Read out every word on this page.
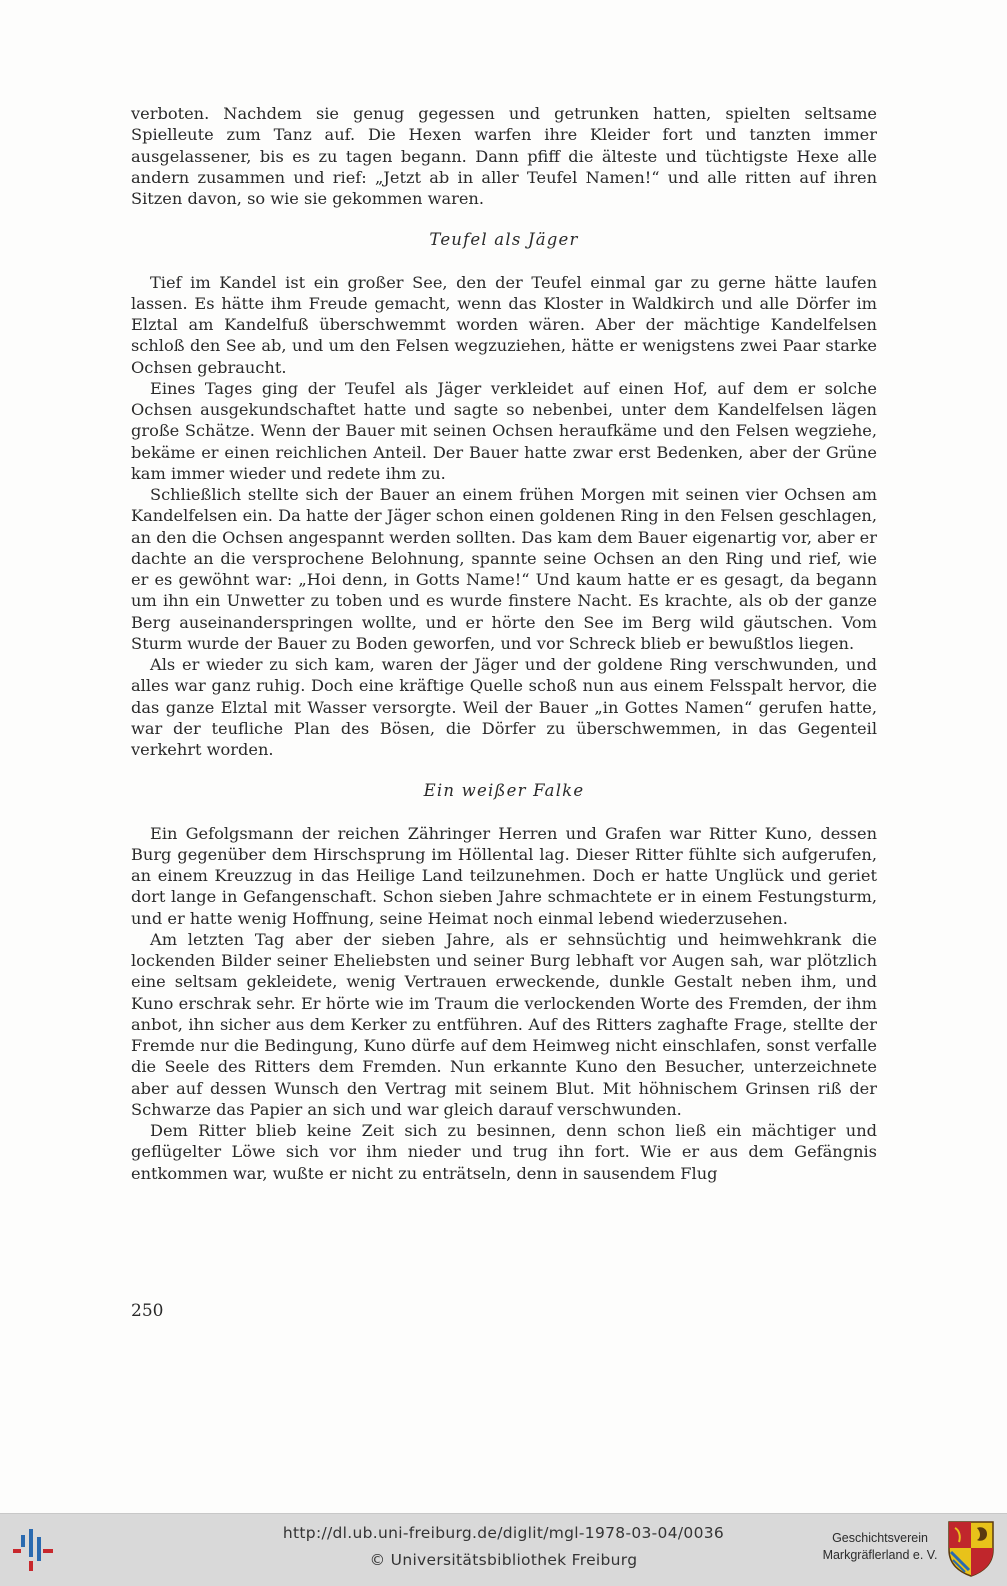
verboten. Nachdem sie genug gegessen und getrunken hatten, spielten seltsame Spielleute zum Tanz auf. Die Hexen warfen ihre Kleider fort und tanzten immer ausgelassener, bis es zu tagen begann. Dann pfiff die älteste und tüchtigste Hexe alle andern zusammen und rief: „Jetzt ab in aller Teufel Namen!“ und alle ritten auf ihren Sitzen davon, so wie sie gekommen waren.

Teufel als Jäger

Tief im Kandel ist ein großer See, den der Teufel einmal gar zu gerne hätte laufen lassen. Es hätte ihm Freude gemacht, wenn das Kloster in Waldkirch und alle Dörfer im Elztal am Kandelfuß überschwemmt worden wären. Aber der mächtige Kandelfelsen schloß den See ab, und um den Felsen wegzuziehen, hätte er wenigstens zwei Paar starke Ochsen gebraucht.

Eines Tages ging der Teufel als Jäger verkleidet auf einen Hof, auf dem er solche Ochsen ausgekundschaftet hatte und sagte so nebenbei, unter dem Kandelfelsen lägen große Schätze. Wenn der Bauer mit seinen Ochsen heraufkäme und den Felsen wegziehe, bekäme er einen reichlichen Anteil. Der Bauer hatte zwar erst Bedenken, aber der Grüne kam immer wieder und redete ihm zu.

Schließlich stellte sich der Bauer an einem frühen Morgen mit seinen vier Ochsen am Kandelfelsen ein. Da hatte der Jäger schon einen goldenen Ring in den Felsen geschlagen, an den die Ochsen angespannt werden sollten. Das kam dem Bauer eigenartig vor, aber er dachte an die versprochene Belohnung, spannte seine Ochsen an den Ring und rief, wie er es gewöhnt war: „Hoi denn, in Gotts Name!“ Und kaum hatte er es gesagt, da begann um ihn ein Unwetter zu toben und es wurde finstere Nacht. Es krachte, als ob der ganze Berg auseinanderspringen wollte, und er hörte den See im Berg wild gäutschen. Vom Sturm wurde der Bauer zu Boden geworfen, und vor Schreck blieb er bewußtlos liegen.

Als er wieder zu sich kam, waren der Jäger und der goldene Ring verschwunden, und alles war ganz ruhig. Doch eine kräftige Quelle schoß nun aus einem Felsspalt hervor, die das ganze Elztal mit Wasser versorgte. Weil der Bauer „in Gottes Namen“ gerufen hatte, war der teufliche Plan des Bösen, die Dörfer zu überschwemmen, in das Gegenteil verkehrt worden.

Ein weißer Falke

Ein Gefolgsmann der reichen Zähringer Herren und Grafen war Ritter Kuno, dessen Burg gegenüber dem Hirschsprung im Höllental lag. Dieser Ritter fühlte sich aufgerufen, an einem Kreuzzug in das Heilige Land teilzunehmen. Doch er hatte Unglück und geriet dort lange in Gefangenschaft. Schon sieben Jahre schmachtete er in einem Festungsturm, und er hatte wenig Hoffnung, seine Heimat noch einmal lebend wiederzusehen.

Am letzten Tag aber der sieben Jahre, als er sehnsüchtig und heimwehkrank die lockenden Bilder seiner Eheliebsten und seiner Burg lebhaft vor Augen sah, war plötzlich eine seltsam gekleidete, wenig Vertrauen erweckende, dunkle Gestalt neben ihm, und Kuno erschrak sehr. Er hörte wie im Traum die verlockenden Worte des Fremden, der ihm anbot, ihn sicher aus dem Kerker zu entführen. Auf des Ritters zaghafte Frage, stellte der Fremde nur die Bedingung, Kuno dürfe auf dem Heimweg nicht einschlafen, sonst verfalle die Seele des Ritters dem Fremden. Nun erkannte Kuno den Besucher, unterzeichnete aber auf dessen Wunsch den Vertrag mit seinem Blut. Mit höhnischem Grinsen riß der Schwarze das Papier an sich und war gleich darauf verschwunden.

Dem Ritter blieb keine Zeit sich zu besinnen, denn schon ließ ein mächtiger und geflügelter Löwe sich vor ihm nieder und trug ihn fort. Wie er aus dem Gefängnis entkommen war, wußte er nicht zu enträtseln, denn in sausendem Flug

250
http://dl.ub.uni-freiburg.de/diglit/mgl-1978-03-04/0036
© Universitätsbibliothek Freiburg
Geschichtsverein
Markgräflerland e. V.
